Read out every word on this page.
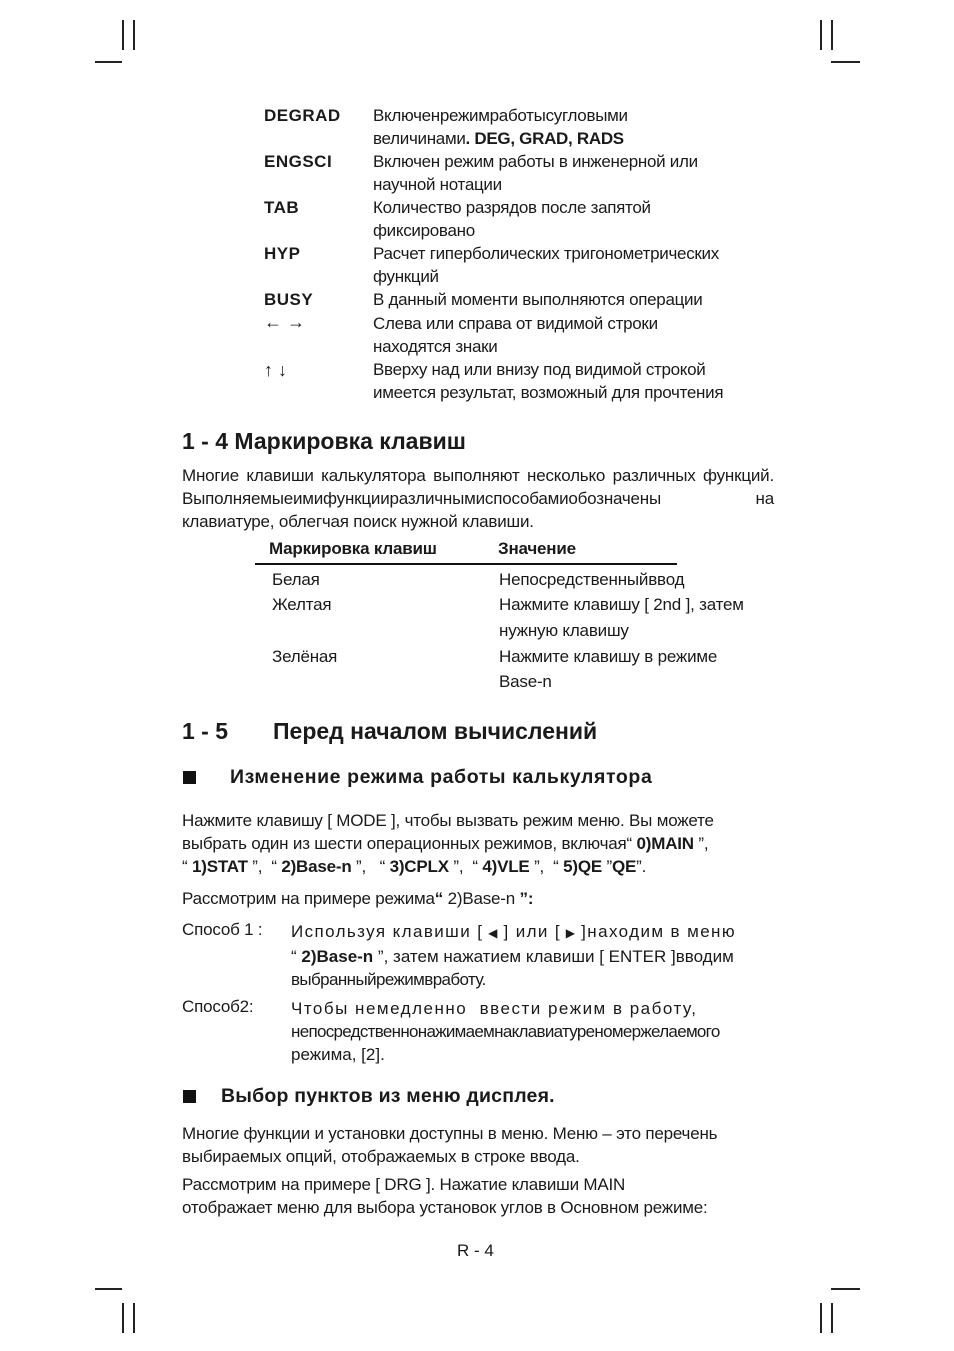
DEGRAD Включенрежимработысугловыми
величинами. DEG, GRAD, RADS
ENGSCI Включен режим работы в инженерной или
научной нотации
TAB	Количество разрядов после запятой
фиксировано
HYP	Расчет гиперболических тригонометрических
функций
BUSY	В данный моменти выполняются операции
← →	Слева или справа от видимой строки
находятся знаки
↑ ↓	Вверху над или внизу под видимой строкой
имеется результат, возможный для прочтения
1 - 4 Маркировка клавиш
Многие клавиши калькулятора выполняют несколько различных функций. Выполняемыеимифункцииразличнымиспособамиобозначены на клавиатуре, облегчая поиск нужной клавиши.
Маркировка клавиш	Значение
Белая	Непосредственныйввод
Желтая	Нажмите клавишу [ 2nd ], затем
нужную клавишу
Зелёная	Нажмите клавишу в режиме
Base-n
1 - 5 Перед началом вычислений
Изменение режима работы калькулятора
Нажмите клавишу [ MODE ], чтобы вызвать режим меню. Вы можете
выбрать один из шести операционных режимов, включая“ 0)MAIN ”,
“ 1)STAT ”,  “ 2)Base-n ”,   “ 3)CPLX ”,  “ 4)VLE ”,  “ 5)QE ”QE”.
Рассмотрим на примере режима“ 2)Base-n ”:
Способ 1 : Используя клавиши [ ◀ ] или [ ▶ ]находим в меню
“ 2)Base-n ”, затем нажатием клавиши [ ENTER ]вводим
выбранныйрежимвработу.
Способ2: Чтобы немедленно  ввести режим в работу,
непосредственнонажимаемнаклавиатуреномержелаемого
режима, [2].
Выбор пунктов из меню дисплея.
Многие функции и установки доступны в меню. Меню – это перечень
выбираемых опций, отображаемых в строке ввода.
Рассмотрим на примере [ DRG ]. Нажатие клавиши MAIN
отображает меню для выбора установок углов в Основном режиме:
R - 4
